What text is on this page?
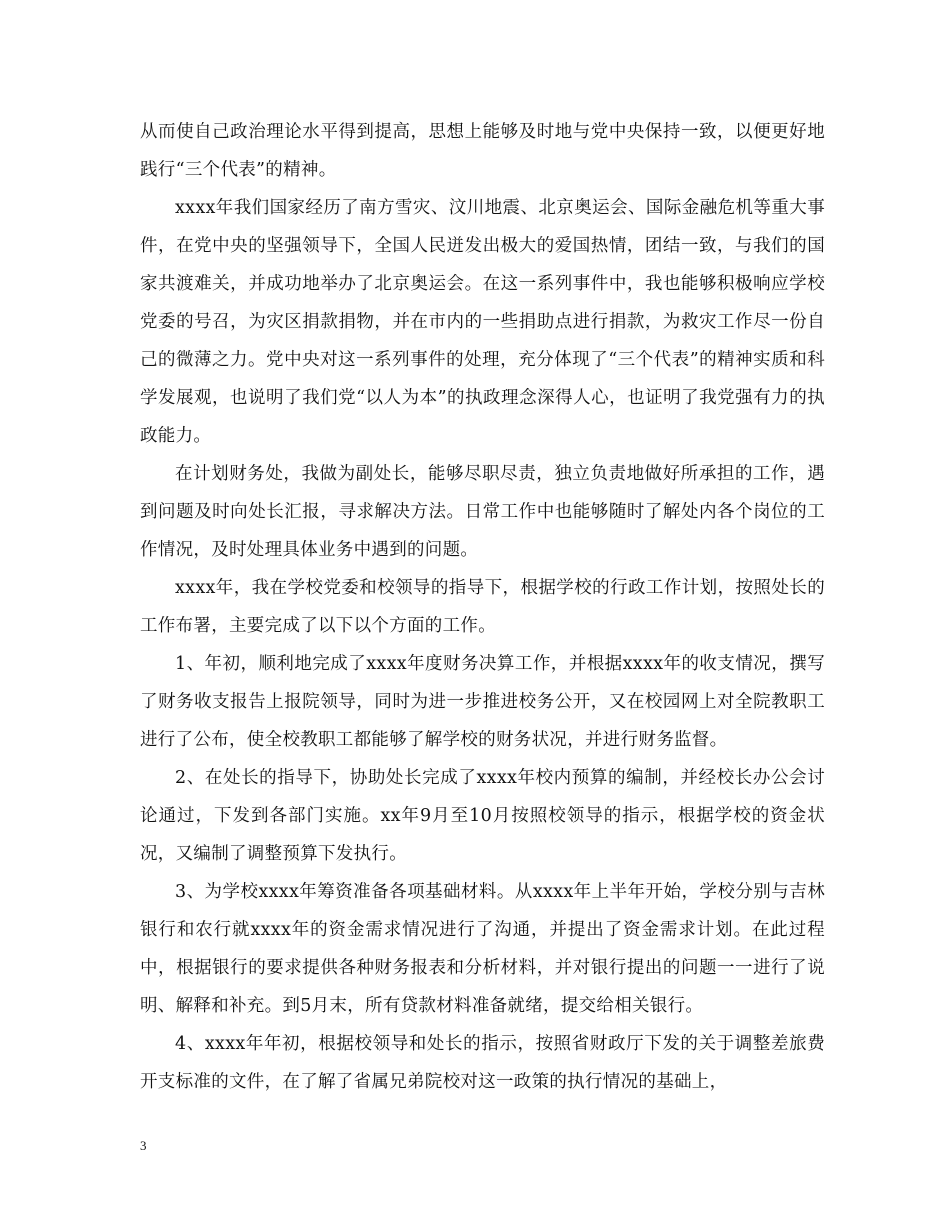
从而使自己政治理论水平得到提高，思想上能够及时地与党中央保持一致，以便更好地践行“三个代表”的精神。

xxxx年我们国家经历了南方雪灾、汶川地震、北京奥运会、国际金融危机等重大事件，在党中央的坚强领导下，全国人民迸发出极大的爱国热情，团结一致，与我们的国家共渡难关，并成功地举办了北京奥运会。在这一系列事件中，我也能够积极响应学校党委的号召，为灾区捐款捐物，并在市内的一些捐助点进行捐款，为救灾工作尽一份自己的微薄之力。党中央对这一系列事件的处理，充分体现了“三个代表”的精神实质和科学发展观，也说明了我们党“以人为本”的执政理念深得人心，也证明了我党强有力的执政能力。

在计划财务处，我做为副处长，能够尽职尽责，独立负责地做好所承担的工作，遇到问题及时向处长汇报，寻求解决方法。日常工作中也能够随时了解处内各个岗位的工作情况，及时处理具体业务中遇到的问题。

xxxx年，我在学校党委和校领导的指导下，根据学校的行政工作计划，按照处长的工作布署，主要完成了以下以个方面的工作。

1、年初，顺利地完成了xxxx年度财务决算工作，并根据xxxx年的收支情况，撰写了财务收支报告上报院领导，同时为进一步推进校务公开，又在校园网上对全院教职工进行了公布，使全校教职工都能够了解学校的财务状况，并进行财务监督。

2、在处长的指导下，协助处长完成了xxxx年校内预算的编制，并经校长办公会讨论通过，下发到各部门实施。xx年9月至10月按照校领导的指示，根据学校的资金状况，又编制了调整预算下发执行。

3、为学校xxxx年筹资准备各项基础材料。从xxxx年上半年开始，学校分别与吉林银行和农行就xxxx年的资金需求情况进行了沟通，并提出了资金需求计划。在此过程中，根据银行的要求提供各种财务报表和分析材料，并对银行提出的问题一一进行了说明、解释和补充。到5月末，所有贷款材料准备就绪，提交给相关银行。

4、xxxx年年初，根据校领导和处长的指示，按照省财政厅下发的关于调整差旅费开支标准的文件，在了解了省属兄弟院校对这一政策的执行情况的基础上，

3
